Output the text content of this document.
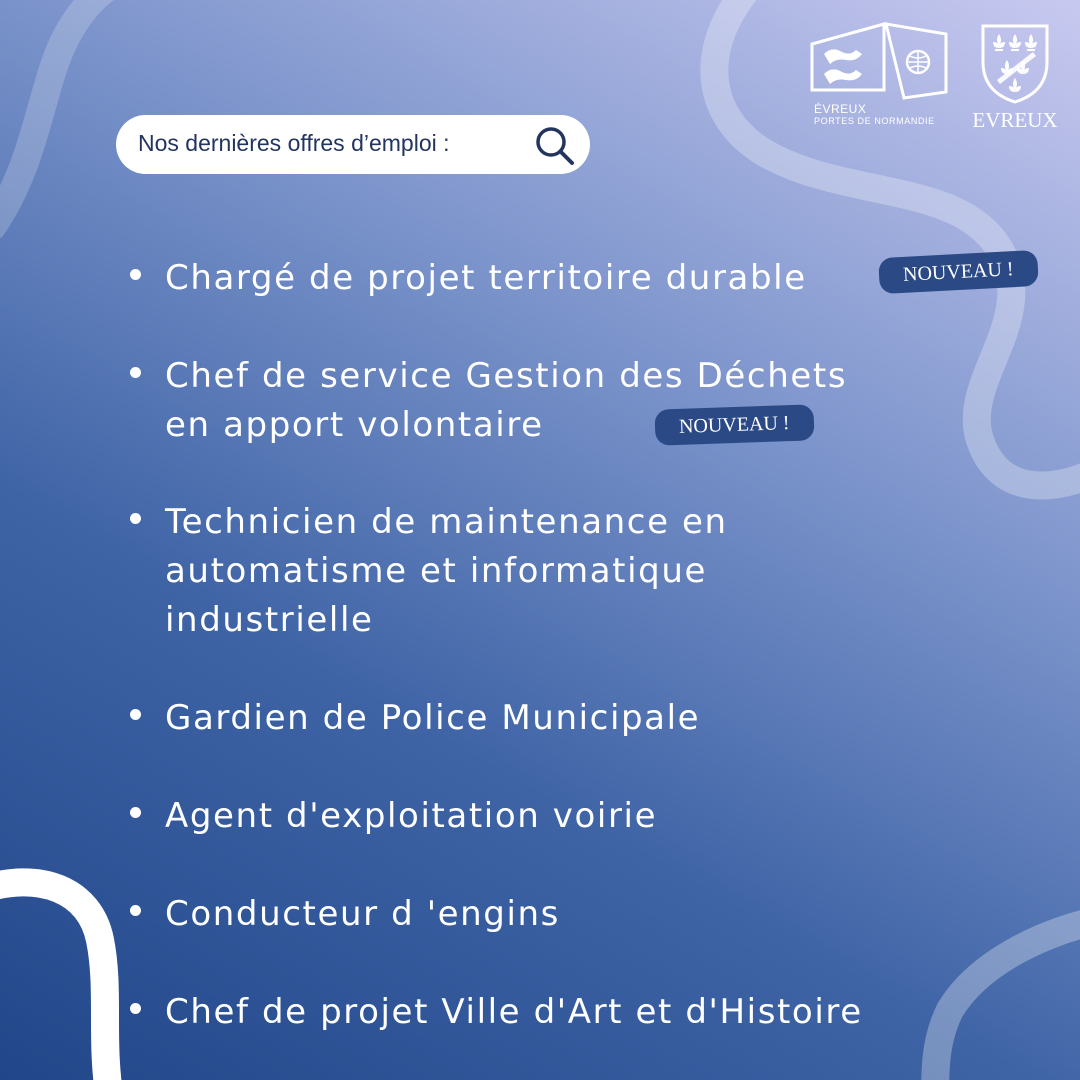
ÉVREUX
PORTES DE NORMANDIE EVREUX
Nos dernières offres d’emploi :
Chargé de projet territoire durable	NOUVEAU !
Chef de service Gestion des Déchets
en apport volontaire	NOUVEAU !
Technicien de maintenance en
automatisme et informatique
industrielle
Gardien de Police Municipale
Agent d'exploitation voirie
Conducteur d 'engins
Chef de projet Ville d'Art et d'Histoire
